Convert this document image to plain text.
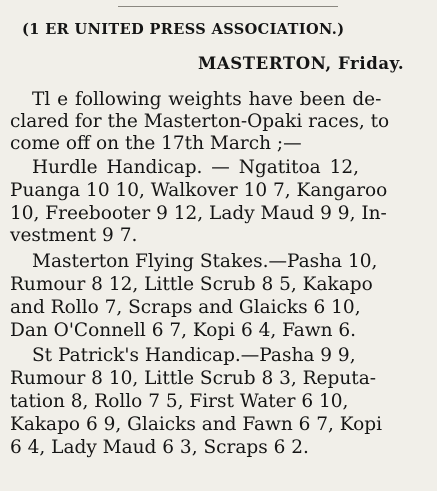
(1 ER UNITED PRESS ASSOCIATION.)

MASTERTON, Friday.

Tl e following weights have been de-

clared for the Masterton-Opaki races, to

come off on the 17th March ;—

Hurdle Handicap. — Ngatitoa 12,

Puanga 10 10, Walkover 10 7, Kangaroo

10, Freebooter 9 12, Lady Maud 9 9, In-

vestment 9 7.

Masterton Flying Stakes.—Pasha 10,

Rumour 8 12, Little Scrub 8 5, Kakapo

and Rollo 7, Scraps and Glaicks 6 10,

Dan O'Connell 6 7, Kopi 6 4, Fawn 6.

St Patrick's Handicap.—Pasha 9 9,

Rumour 8 10, Little Scrub 8 3, Reputa-

tation 8, Rollo 7 5, First Water 6 10,

Kakapo 6 9, Glaicks and Fawn 6 7, Kopi

6 4, Lady Maud 6 3, Scraps 6 2.
